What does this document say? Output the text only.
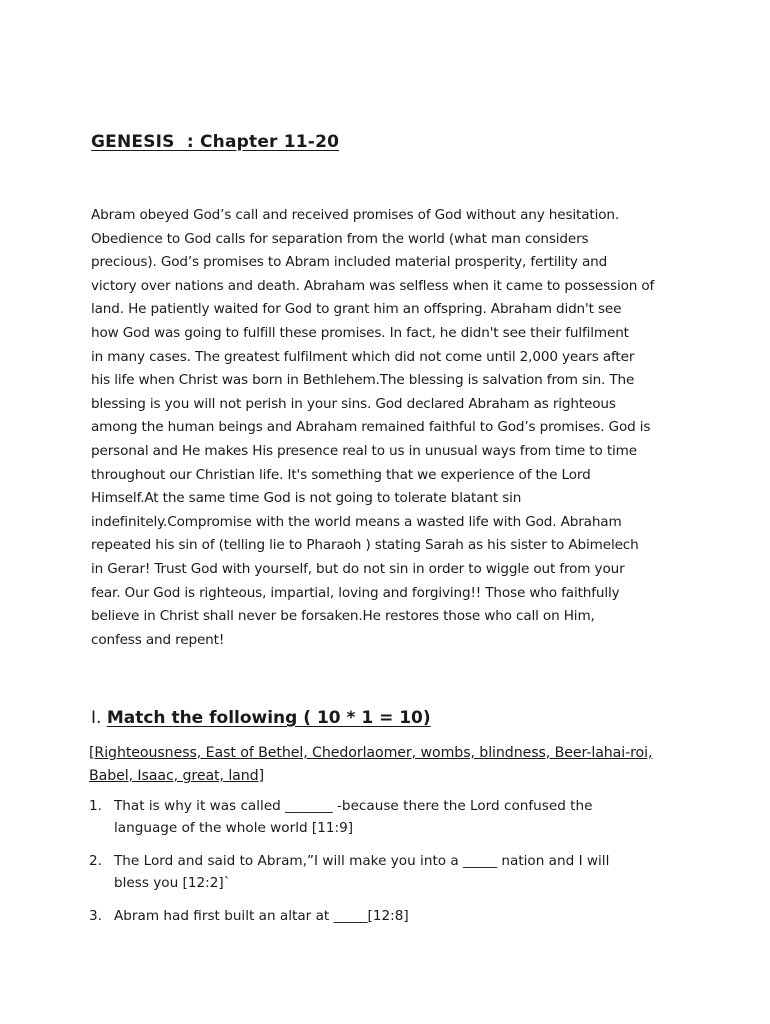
GENESIS  : Chapter 11-20
Abram obeyed God’s call and received promises of God without any hesitation.
Obedience to God calls for separation from the world (what man considers
precious). God’s promises to Abram included material prosperity, fertility and
victory over nations and death. Abraham was selfless when it came to possession of
land. He patiently waited for God to grant him an offspring. Abraham didn't see
how God was going to fulfill these promises. In fact, he didn't see their fulfilment
in many cases. The greatest fulfilment which did not come until 2,000 years after
his life when Christ was born in Bethlehem.The blessing is salvation from sin. The
blessing is you will not perish in your sins. God declared Abraham as righteous
among the human beings and Abraham remained faithful to God’s promises. God is
personal and He makes His presence real to us in unusual ways from time to time
throughout our Christian life. It's something that we experience of the Lord
Himself.At the same time God is not going to tolerate blatant sin
indefinitely.Compromise with the world means a wasted life with God. Abraham
repeated his sin of (telling lie to Pharaoh ) stating Sarah as his sister to Abimelech
in Gerar! Trust God with yourself, but do not sin in order to wiggle out from your
fear. Our God is righteous, impartial, loving and forgiving!! Those who faithfully
believe in Christ shall never be forsaken.He restores those who call on Him,
confess and repent!
I. Match the following ( 10 * 1 = 10)
[Righteousness, East of Bethel, Chedorlaomer, wombs, blindness, Beer-lahai-roi,
Babel, Isaac, great, land]
1. That is why it was called _______ -because there the Lord confused the
language of the whole world [11:9]
2. The Lord and said to Abram,”I will make you into a _____ nation and I will
bless you [12:2]`
3. Abram had first built an altar at _____[12:8]
